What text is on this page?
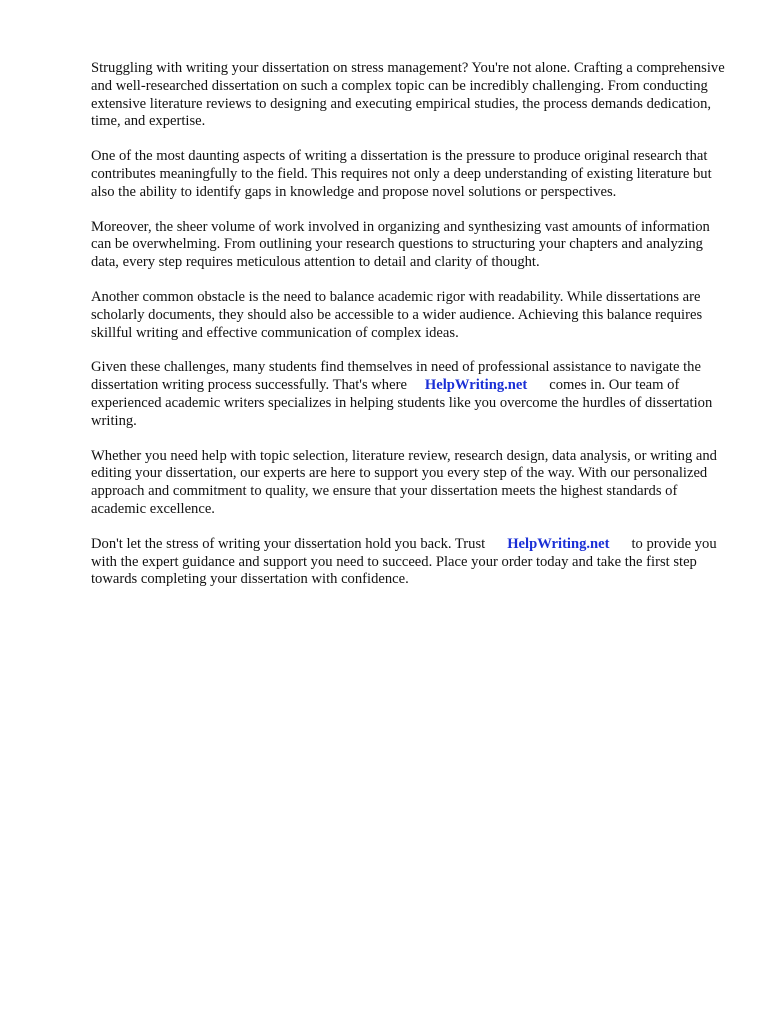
Struggling with writing your dissertation on stress management? You're not alone. Crafting a comprehensive and well-researched dissertation on such a complex topic can be incredibly challenging. From conducting extensive literature reviews to designing and executing empirical studies, the process demands dedication, time, and expertise.

One of the most daunting aspects of writing a dissertation is the pressure to produce original research that contributes meaningfully to the field. This requires not only a deep understanding of existing literature but also the ability to identify gaps in knowledge and propose novel solutions or perspectives.

Moreover, the sheer volume of work involved in organizing and synthesizing vast amounts of information can be overwhelming. From outlining your research questions to structuring your chapters and analyzing data, every step requires meticulous attention to detail and clarity of thought.

Another common obstacle is the need to balance academic rigor with readability. While dissertations are scholarly documents, they should also be accessible to a wider audience. Achieving this balance requires skillful writing and effective communication of complex ideas.

Given these challenges, many students find themselves in need of professional assistance to navigate the dissertation writing process successfully. That's where HelpWriting.net comes in. Our team of experienced academic writers specializes in helping students like you overcome the hurdles of dissertation writing.

Whether you need help with topic selection, literature review, research design, data analysis, or writing and editing your dissertation, our experts are here to support you every step of the way. With our personalized approach and commitment to quality, we ensure that your dissertation meets the highest standards of academic excellence.

Don't let the stress of writing your dissertation hold you back. Trust HelpWriting.net to provide you with the expert guidance and support you need to succeed. Place your order today and take the first step towards completing your dissertation with confidence.
